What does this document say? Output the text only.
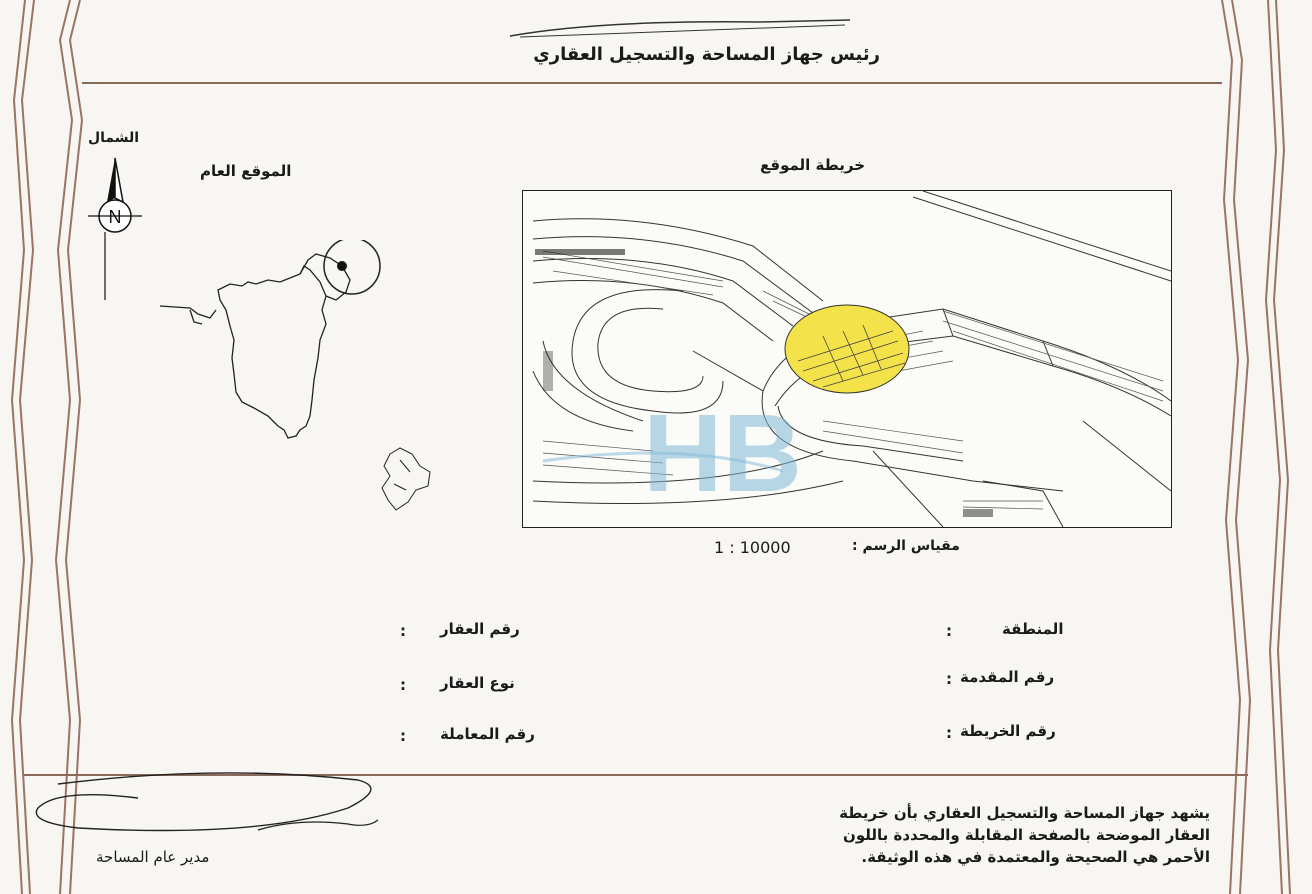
رئيس جهاز المساحة والتسجيل العقاري
الشمال
N
الموقع العام	خريطة الموقع
HB
مقياس الرسم :
1 : 10000
المنطقة
:
رقم المقدمة
:
رقم الخريطة
:
رقم العقار
:
نوع العقار
:
رقم المعاملة
:
يشهد جهاز المساحة والتسجيل العقاري بأن خريطة
العقار الموضحة بالصفحة المقابلة والمحددة باللون
الأحمر هي الصحيحة والمعتمدة في هذه الوثيقة.
مدير عام المساحة
